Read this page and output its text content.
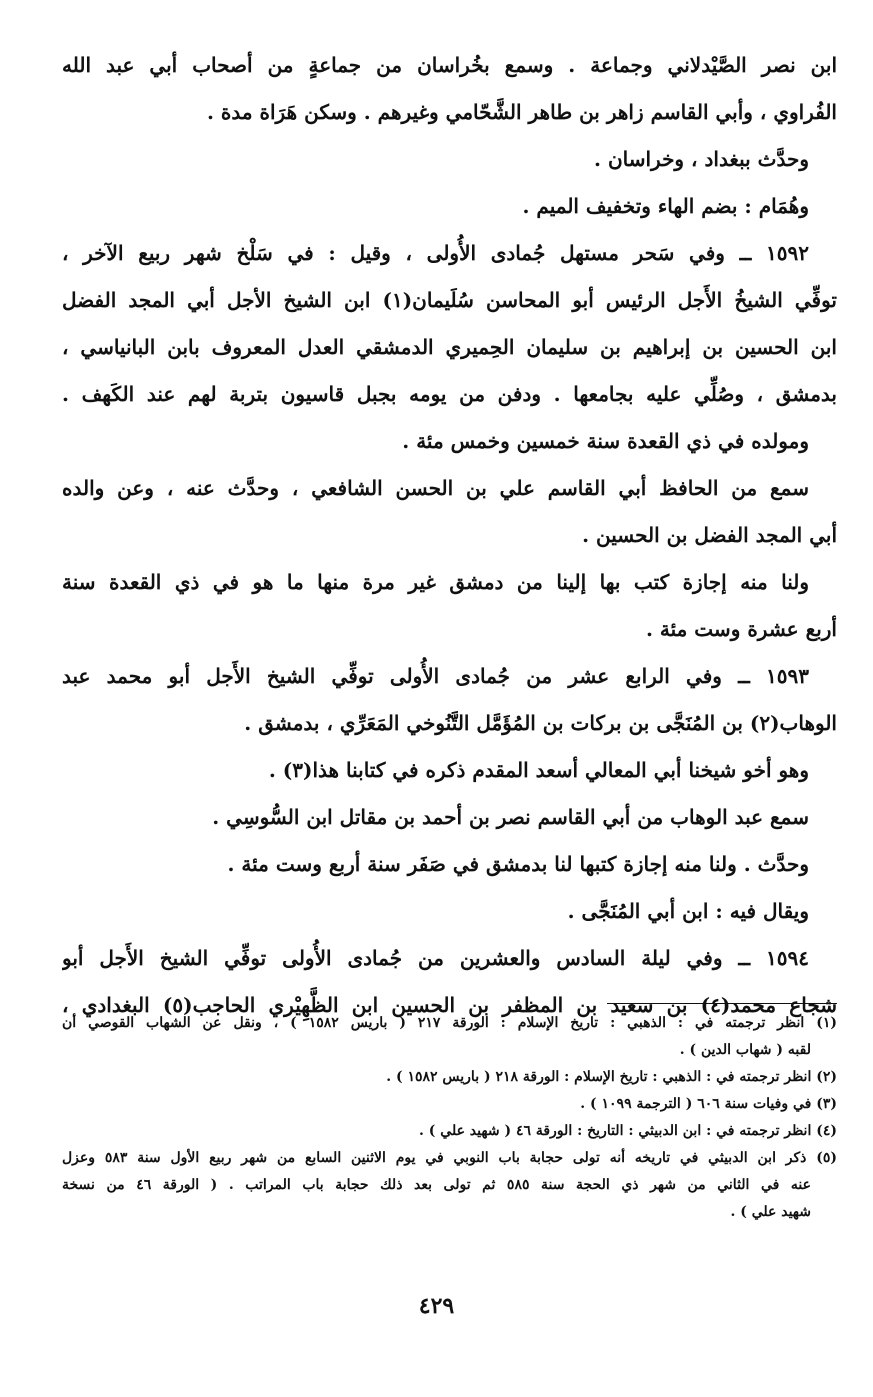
ابن نصر الصَّيْدلاني وجماعة . وسمع بخُراسان من جماعةٍ من أصحاب أبي عبد الله
الفُراوي ، وأبي القاسم زاهر بن طاهر الشَّحّامي وغيرهم . وسكن هَرَاة مدة .
وحدَّث ببغداد ، وخراسان .
وهُمَام : بضم الهاء وتخفيف الميم .
١٥٩٢ ــ وفي سَحر مستهل جُمادى الأُولى ، وقيل : في سَلْخ شهر ربيع الآخر ،
توفِّي الشيخُ الأَجل الرئيس أبو المحاسن سُلَيمان(١) ابن الشيخ الأجل أبي المجد الفضل
ابن الحسين بن إبراهيم بن سليمان الحِميري الدمشقي العدل المعروف بابن البانياسي ،
بدمشق ، وصُلِّي عليه بجامعها . ودفن من يومه بجبل قاسيون بتربة لهم عند الكَهف .
ومولده في ذي القعدة سنة خمسين وخمس مئة .
سمع من الحافظ أبي القاسم علي بن الحسن الشافعي ، وحدَّث عنه ، وعن والده
أبي المجد الفضل بن الحسين .
ولنا منه إجازة كتب بها إلينا من دمشق غير مرة منها ما هو في ذي القعدة سنة
أربع عشرة وست مئة .
١٥٩٣ ــ وفي الرابع عشر من جُمادى الأُولى توفِّي الشيخ الأَجل أبو محمد عبد
الوهاب(٢) بن المُنَجَّى بن بركات بن المُؤَمَّل التَّنُوخي المَعَرِّي ، بدمشق .
وهو أخو شيخنا أبي المعالي أسعد المقدم ذكره في كتابنا هذا(٣) .
سمع عبد الوهاب من أبي القاسم نصر بن أحمد بن مقاتل ابن السُّوسِي .
وحدَّث . ولنا منه إجازة كتبها لنا بدمشق في صَفَر سنة أربع وست مئة .
ويقال فيه : ابن أبي المُنَجَّى .
١٥٩٤ ــ وفي ليلة السادس والعشرين من جُمادى الأُولى توفِّي الشيخ الأَجل أبو
شجاع محمد(٤) بن سعيد بن المظفر بن الحسين ابن الظَّهِيْري الحاجب(٥) البغدادي ،
(١) انظر ترجمته في : الذهبي : تاريخ الإسلام : الورقة ٢١٧ ( باريس ١٥٨٢ ) ، ونقل عن الشهاب القوصي أن
لقبه ( شهاب الدين ) .
(٢) انظر ترجمته في : الذهبي : تاريخ الإسلام : الورقة ٢١٨ ( باريس ١٥٨٢ ) .
(٣) في وفيات سنة ٦٠٦ ( الترجمة ١٠٩٩ ) .
(٤) انظر ترجمته في : ابن الدبيثي : التاريخ : الورقة ٤٦ ( شهيد علي ) .
(٥) ذكر ابن الدبيثي في تاريخه أنه تولى حجابة باب النوبي في يوم الاثنين السابع من شهر ربيع الأول سنة ٥٨٣ وعزل
عنه في الثاني من شهر ذي الحجة سنة ٥٨٥ ثم تولى بعد ذلك حجابة باب المراتب . ( الورقة ٤٦ من نسخة
شهيد علي ) .
٤٢٩
